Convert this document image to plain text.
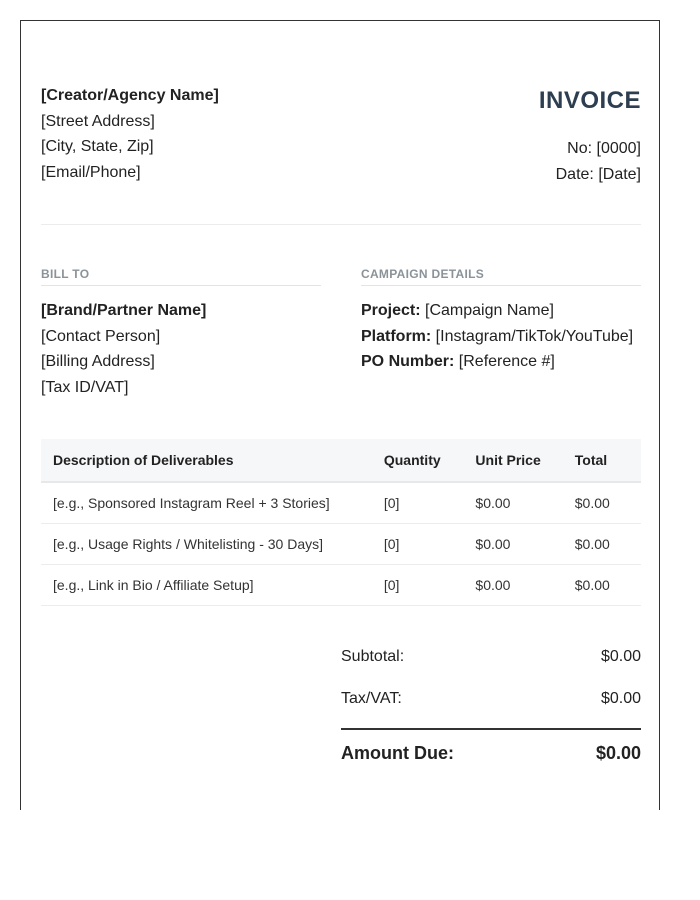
[Creator/Agency Name]
[Street Address]
[City, State, Zip]
[Email/Phone]
INVOICE
No: [0000]
Date: [Date]
BILL TO
[Brand/Partner Name]
[Contact Person]
[Billing Address]
[Tax ID/VAT]
CAMPAIGN DETAILS
Project: [Campaign Name]
Platform: [Instagram/TikTok/YouTube]
PO Number: [Reference #]
Description of Deliverables	Quantity	Unit Price	Total
[e.g., Sponsored Instagram Reel + 3 Stories]	[0]	$0.00	$0.00
[e.g., Usage Rights / Whitelisting - 30 Days]	[0]	$0.00	$0.00
[e.g., Link in Bio / Affiliate Setup]	[0]	$0.00	$0.00
Subtotal:	$0.00
Tax/VAT:	$0.00
Amount Due:	$0.00
